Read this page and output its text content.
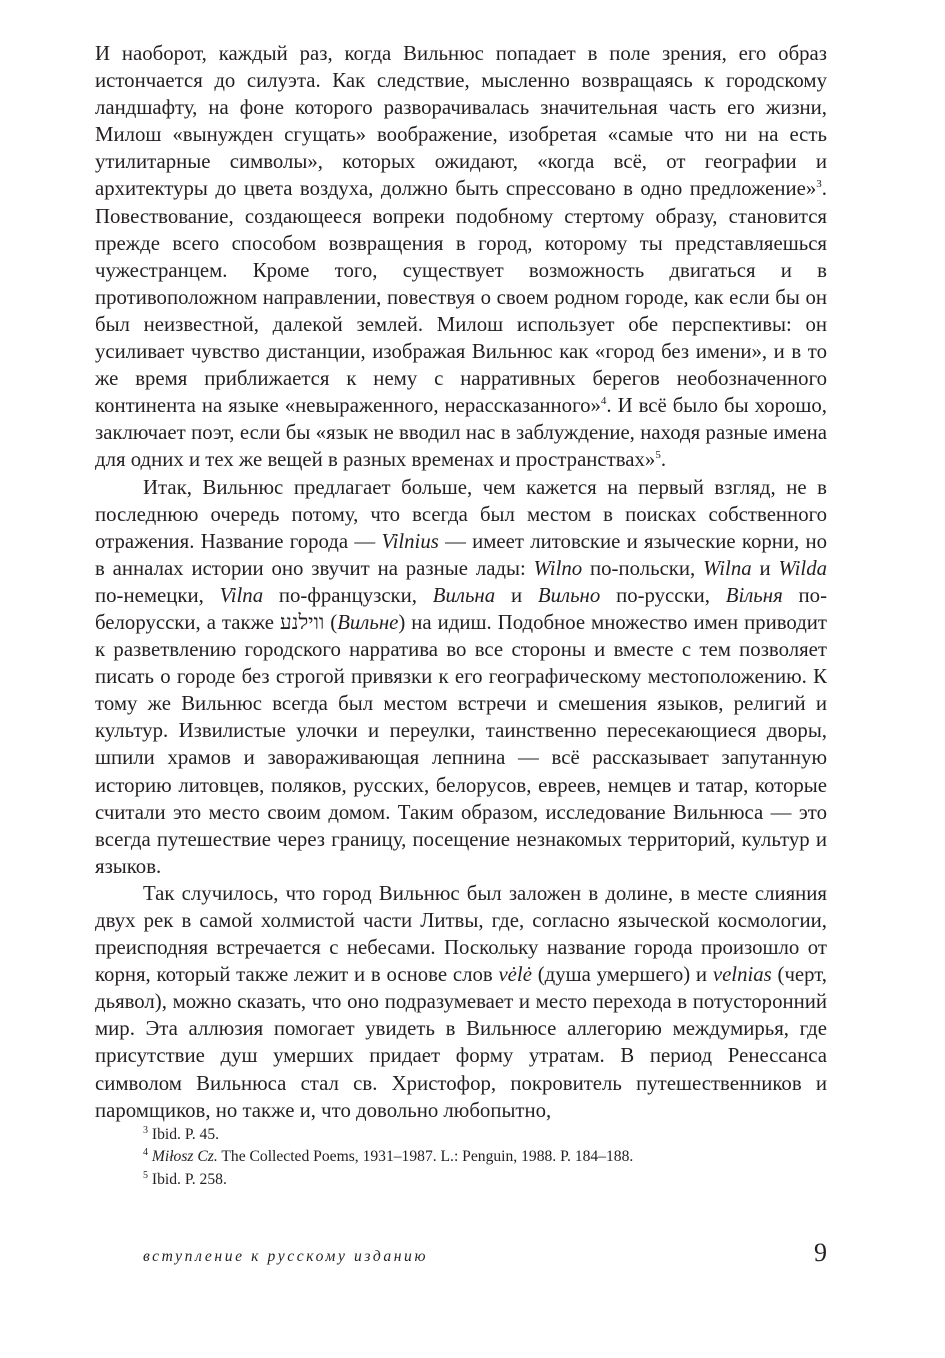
И наоборот, каждый раз, когда Вильнюс попадает в поле зрения, его образ истончается до силуэта. Как следствие, мысленно возвращаясь к городскому ландшафту, на фоне которого разворачивалась значительная часть его жизни, Милош «вынужден сгущать» воображение, изобретая «самые что ни на есть утилитарные символы», которых ожидают, «когда всё, от географии и архитектуры до цвета воздуха, должно быть спрессовано в одно предложение»$^3$. Повествование, создающееся вопреки подобному стертому образу, становится прежде всего способом возвращения в город, которому ты представляешься чужестранцем. Кроме того, существует возможность двигаться и в противоположном направлении, повествуя о своем родном городе, как если бы он был неизвестной, далекой землей. Милош использует обе перспективы: он усиливает чувство дистанции, изображая Вильнюс как «город без имени», и в то же время приближается к нему с нарративных берегов необозначенного континента на языке «невыраженного, нерассказанного»$^4$. И всё было бы хорошо, заключает поэт, если бы «язык не вводил нас в заблуждение, находя разные имена для одних и тех же вещей в разных временах и пространствах»$^5$.

Итак, Вильнюс предлагает больше, чем кажется на первый взгляд, не в последнюю очередь потому, что всегда был местом в поисках собственного отражения. Название города — Vilnius — имеет литовские и языческие корни, но в анналах истории оно звучит на разные лады: Wilno по-польски, Wilna и Wilda по-немецки, Vilna по-французски, Вильна и Вильно по-русски, Вільня по-белорусски, а также ווילנע (Вильне) на идиш. Подобное множество имен приводит к разветвлению городского нарратива во все стороны и вместе с тем позволяет писать о городе без строгой привязки к его географическому местоположению. К тому же Вильнюс всегда был местом встречи и смешения языков, религий и культур. Извилистые улочки и переулки, таинственно пересекающиеся дворы, шпили храмов и завораживающая лепнина — всё рассказывает запутанную историю литовцев, поляков, русских, белорусов, евреев, немцев и татар, которые считали это место своим домом. Таким образом, исследование Вильнюса — это всегда путешествие через границу, посещение незнакомых территорий, культур и языков.

Так случилось, что город Вильнюс был заложен в долине, в месте слияния двух рек в самой холмистой части Литвы, где, согласно языческой космологии, преисподняя встречается с небесами. Поскольку название города произошло от корня, который также лежит и в основе слов vėlė (душа умершего) и velnias (черт, дьявол), можно сказать, что оно подразумевает и место перехода в потусторонний мир. Эта аллюзия помогает увидеть в Вильнюсе аллегорию междумирья, где присутствие душ умерших придает форму утратам. В период Ренессанса символом Вильнюса стал св. Христофор, покровитель путешественников и паромщиков, но также и, что довольно любопытно,

$^3$ Ibid. P. 45.
$^4$ Miłosz Cz. The Collected Poems, 1931–1987. L.: Penguin, 1988. P. 184–188.
$^5$ Ibid. P. 258.
вступление к русскому изданию	9
